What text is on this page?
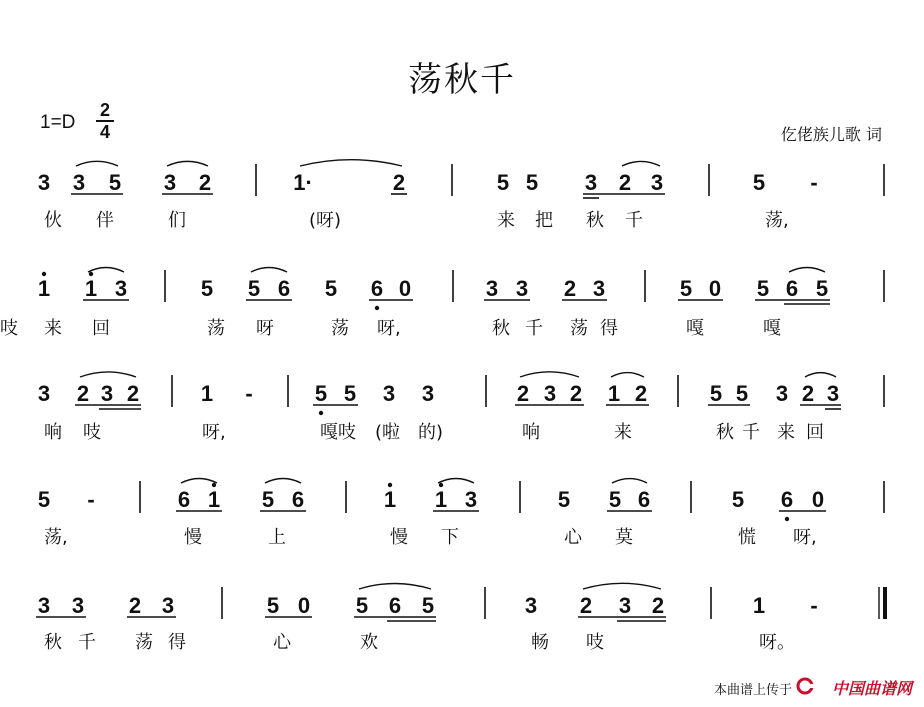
荡秋千
1=D
2
4	仡佬族儿歌 词
3 3 5 3 2	1·	2	5 5 3 2 3	5 -
伙 伴	们	(呀)	来 把 秋 千	荡,
1 1 3	5 5 6 5 6 0	3 3 2 3	5 0 5 6 5
来 回	荡 呀	荡 呀,	秋 千 荡 得	嘎	嘎
吱
3 2 3 2	1 -	5 5 3 3	2 3 2 1 2	5 5 3 2 3
响 吱	呀,	嘎吱 (啦 的)	响	来	秋 千 来 回
5 -	6 1 5 6	1 1 3	5 5 6	5 6 0
荡,	慢	上	慢 下	心 莫	慌 呀,
3 3 2 3	5 0 5 6 5	3 2 3 2	1 -
秋 千 荡 得	心	欢	畅 吱	呀。
本曲谱上传于 中国曲谱网
